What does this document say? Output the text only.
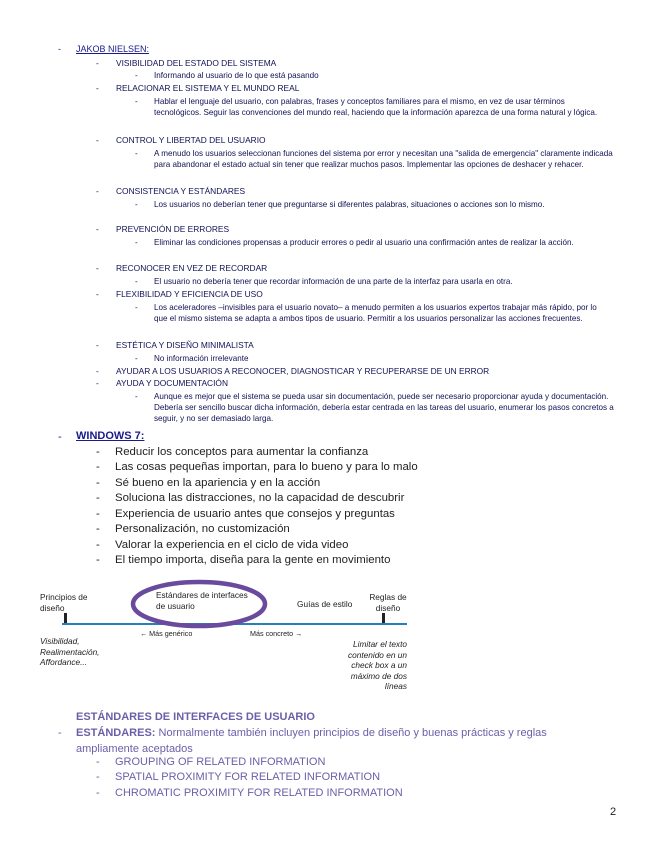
- JAKOB NIELSEN:
- VISIBILIDAD DEL ESTADO DEL SISTEMA
- Informando al usuario de lo que está pasando
- RELACIONAR EL SISTEMA Y EL MUNDO REAL
- Hablar el lenguaje del usuario, con palabras, frases y conceptos familiares para el mismo, en vez de usar términos tecnológicos. Seguir las convenciones del mundo real, haciendo que la información aparezca de una forma natural y lógica.
- CONTROL Y LIBERTAD DEL USUARIO
- A menudo los usuarios seleccionan funciones del sistema por error y necesitan una "salida de emergencia" claramente indicada para abandonar el estado actual sin tener que realizar muchos pasos. Implementar las opciones de deshacer y rehacer.
- CONSISTENCIA Y ESTÁNDARES
- Los usuarios no deberían tener que preguntarse si diferentes palabras, situaciones o acciones son lo mismo.
- PREVENCIÓN DE ERRORES
- Eliminar las condiciones propensas a producir errores o pedir al usuario una confirmación antes de realizar la acción.
- RECONOCER EN VEZ DE RECORDAR
- El usuario no debería tener que recordar información de una parte de la interfaz para usarla en otra.
- FLEXIBILIDAD Y EFICIENCIA DE USO
- Los aceleradores –invisibles para el usuario novato– a menudo permiten a los usuarios expertos trabajar más rápido, por lo que el mismo sistema se adapta a ambos tipos de usuario. Permitir a los usuarios personalizar las acciones frecuentes.
- ESTÉTICA Y DISEÑO MINIMALISTA
- No información irrelevante
- AYUDAR A LOS USUARIOS A RECONOCER, DIAGNOSTICAR Y RECUPERARSE DE UN ERROR
- AYUDA Y DOCUMENTACIÓN
- Aunque es mejor que el sistema se pueda usar sin documentación, puede ser necesario proporcionar ayuda y documentación. Debería ser sencillo buscar dicha información, debería estar centrada en las tareas del usuario, enumerar los pasos concretos a seguir, y no ser demasiado larga.
- WINDOWS 7:
- Reducir los conceptos para aumentar la confianza
- Las cosas pequeñas importan, para lo bueno y para lo malo
- Sé bueno en la apariencia y en la acción
- Soluciona las distracciones, no la capacidad de descubrir
- Experiencia de usuario antes que consejos y preguntas
- Personalización, no customización
- Valorar la experiencia en el ciclo de vida video
- El tiempo importa, diseña para la gente en movimiento
Principios de diseño
Estándares de interfaces de usuario	Guías de estilo
Reglas de diseño
← Más genérico	Más concreto →
Visibilidad, Realimentación, Affordance...
Limitar el texto contenido en un check box a un máximo de dos líneas
ESTÁNDARES DE INTERFACES DE USUARIO
- ESTÁNDARES: Normalmente también incluyen principios de diseño y buenas prácticas y reglas ampliamente aceptados
- GROUPING OF RELATED INFORMATION
- SPATIAL PROXIMITY FOR RELATED INFORMATION
- CHROMATIC PROXIMITY FOR RELATED INFORMATION
2
